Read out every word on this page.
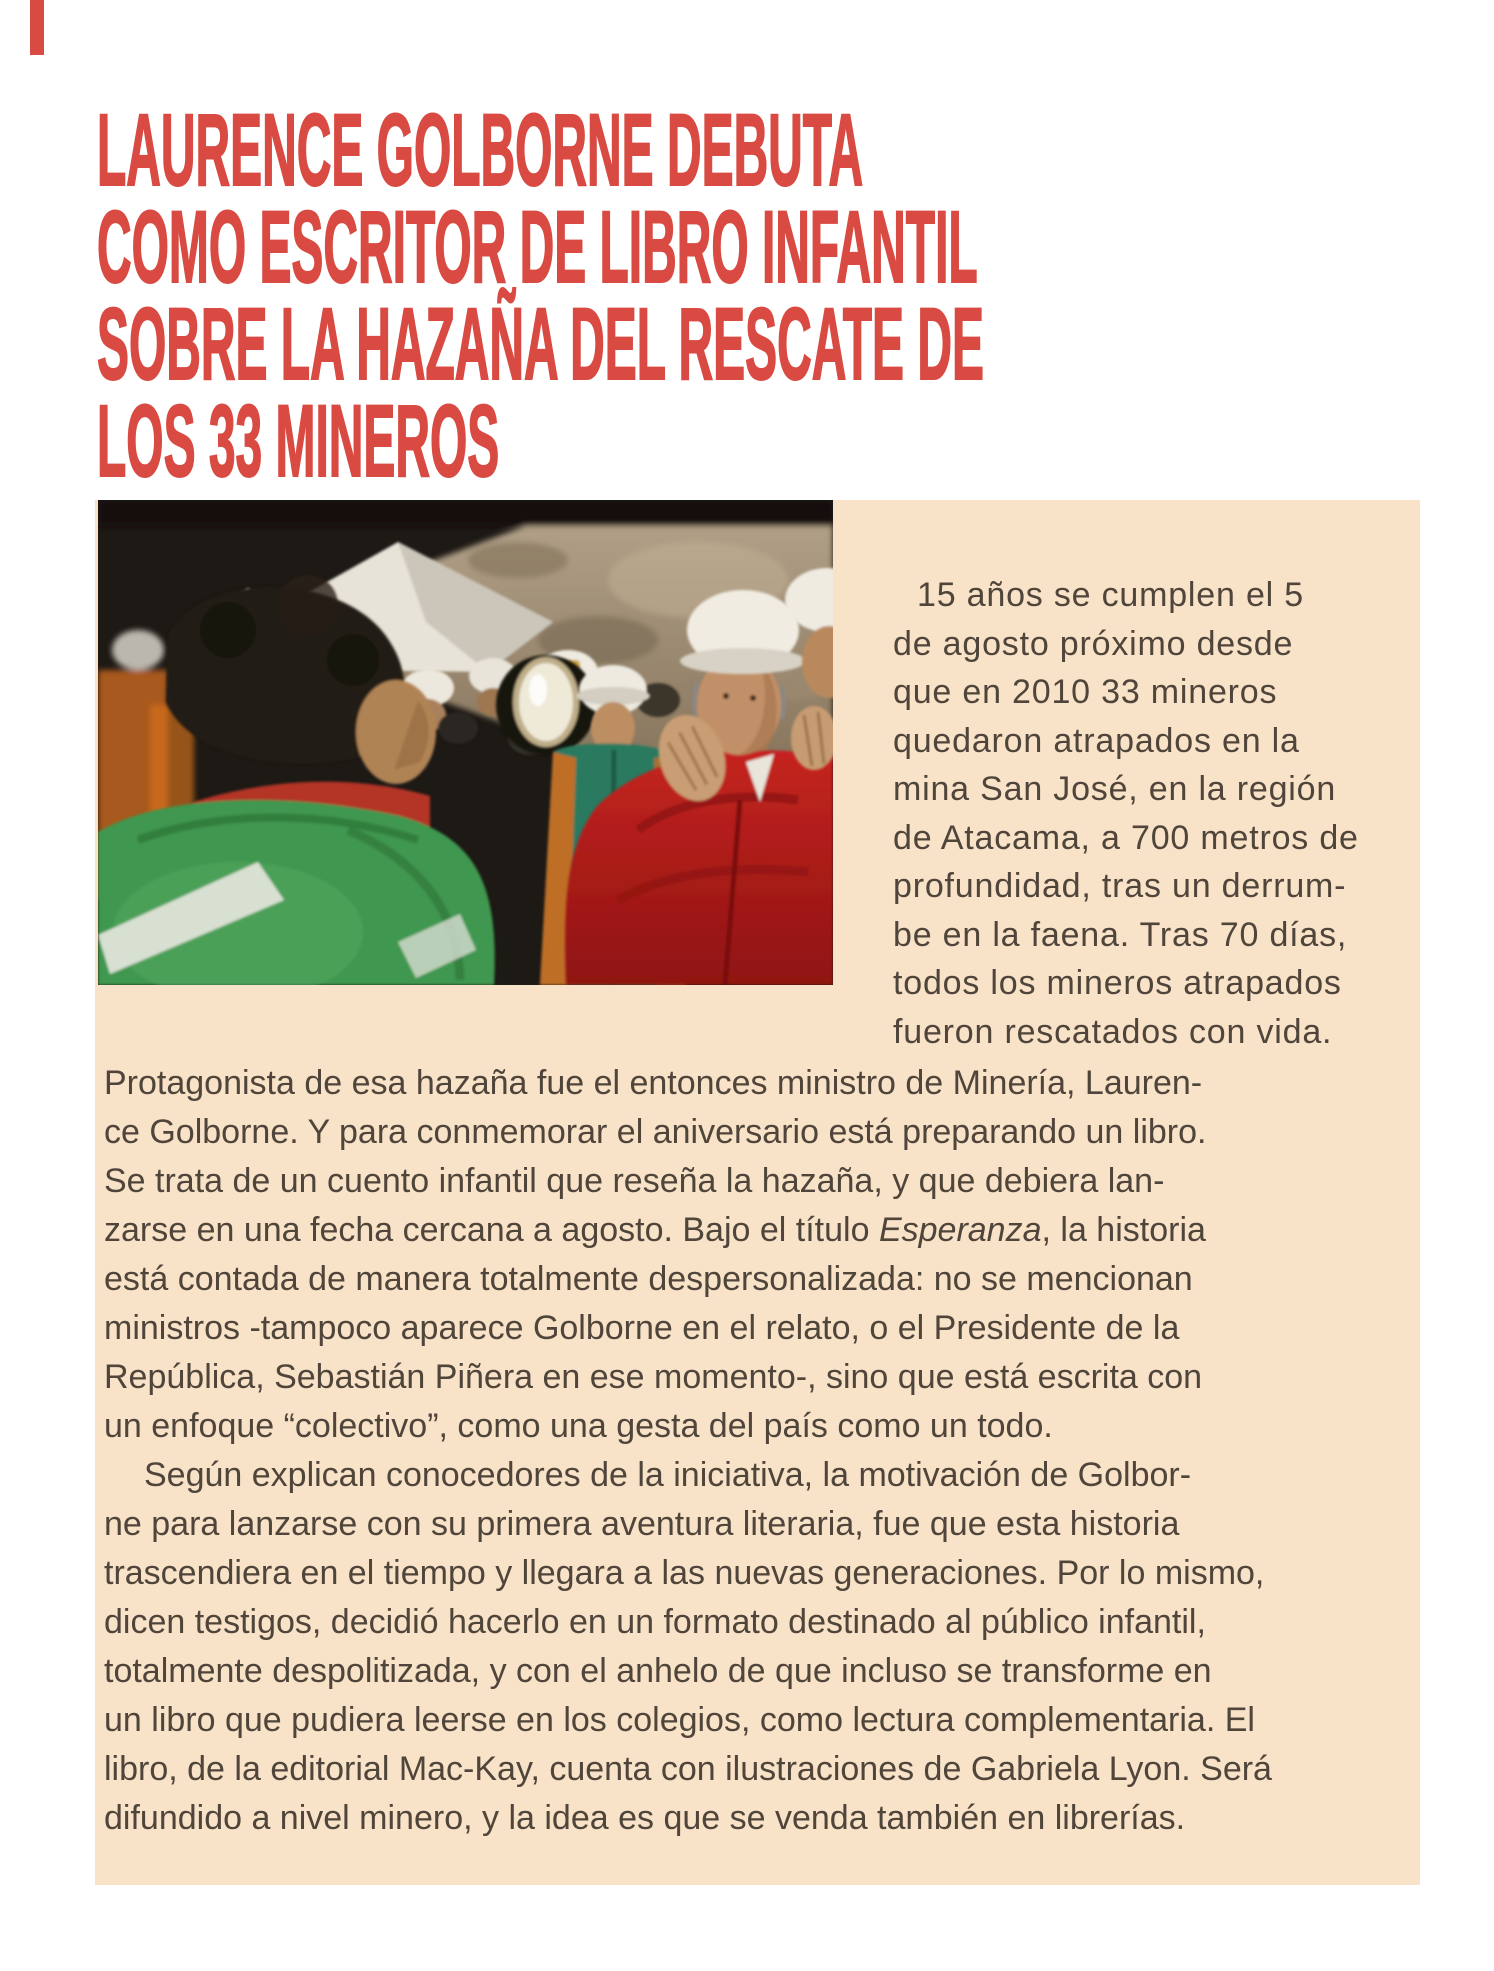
LAURENCE GOLBORNE DEBUTA
COMO ESCRITOR DE LIBRO INFANTIL
SOBRE LA HAZAÑA DEL RESCATE DE
LOS 33 MINEROS
15 años se cumplen el 5
de agosto próximo desde
que en 2010 33 mineros
quedaron atrapados en la
mina San José, en la región
de Atacama, a 700 metros de
profundidad, tras un derrum-
be en la faena. Tras 70 días,
todos los mineros atrapados
fueron rescatados con vida.
Protagonista de esa hazaña fue el entonces ministro de Minería, Lauren-
ce Golborne. Y para conmemorar el aniversario está preparando un libro.
Se trata de un cuento infantil que reseña la hazaña, y que debiera lan-
zarse en una fecha cercana a agosto. Bajo el título Esperanza, la historia
está contada de manera totalmente despersonalizada: no se mencionan
ministros -tampoco aparece Golborne en el relato, o el Presidente de la
República, Sebastián Piñera en ese momento-, sino que está escrita con
un enfoque “colectivo”, como una gesta del país como un todo.
Según explican conocedores de la iniciativa, la motivación de Golbor-
ne para lanzarse con su primera aventura literaria, fue que esta historia
trascendiera en el tiempo y llegara a las nuevas generaciones. Por lo mismo,
dicen testigos, decidió hacerlo en un formato destinado al público infantil,
totalmente despolitizada, y con el anhelo de que incluso se transforme en
un libro que pudiera leerse en los colegios, como lectura complementaria. El
libro, de la editorial Mac-Kay, cuenta con ilustraciones de Gabriela Lyon. Será
difundido a nivel minero, y la idea es que se venda también en librerías.
